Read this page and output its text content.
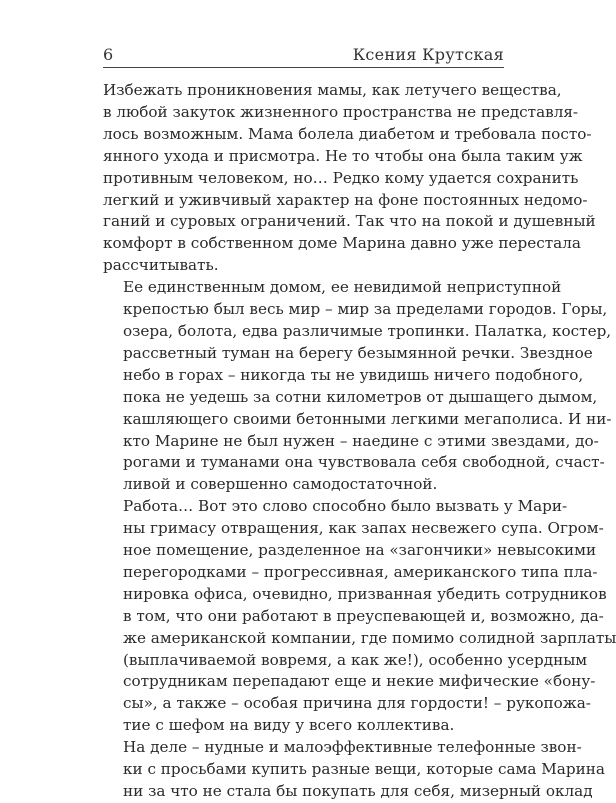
6	Ксения Крутская

Избежать проникновения мамы, как летучего вещества,
в любой закуток жизненного пространства не представля-
лось возможным. Мама болела диабетом и требовала посто-
янного ухода и присмотра. Не то чтобы она была таким уж
противным человеком, но… Редко кому удается сохранить
легкий и уживчивый характер на фоне постоянных недомо-
ганий и суровых ограничений. Так что на покой и душевный
комфорт в собственном доме Марина давно уже перестала
рассчитывать.

Ее единственным домом, ее невидимой неприступной
крепостью был весь мир – мир за пределами городов. Горы,
озера, болота, едва различимые тропинки. Палатка, костер,
рассветный туман на берегу безымянной речки. Звездное
небо в горах – никогда ты не увидишь ничего подобного,
пока не уедешь за сотни километров от дышащего дымом,
кашляющего своими бетонными легкими мегаполиса. И ни-
кто Марине не был нужен – наедине с этими звездами, до-
рогами и туманами она чувствовала себя свободной, счаст-
ливой и совершенно самодостаточной.

Работа… Вот это слово способно было вызвать у Мари-
ны гримасу отвращения, как запах несвежего супа. Огром-
ное помещение, разделенное на «загончики» невысокими
перегородками – прогрессивная, американского типа пла-
нировка офиса, очевидно, призванная убедить сотрудников
в том, что они работают в преуспевающей и, возможно, да-
же американской компании, где помимо солидной зарплаты
(выплачиваемой вовремя, а как же!), особенно усердным
сотрудникам перепадают еще и некие мифические «бону-
сы», а также – особая причина для гордости! – рукопожа-
тие с шефом на виду у всего коллектива.

На деле – нудные и малоэффективные телефонные звон-
ки с просьбами купить разные вещи, которые сама Марина
ни за что не стала бы покупать для себя, мизерный оклад
